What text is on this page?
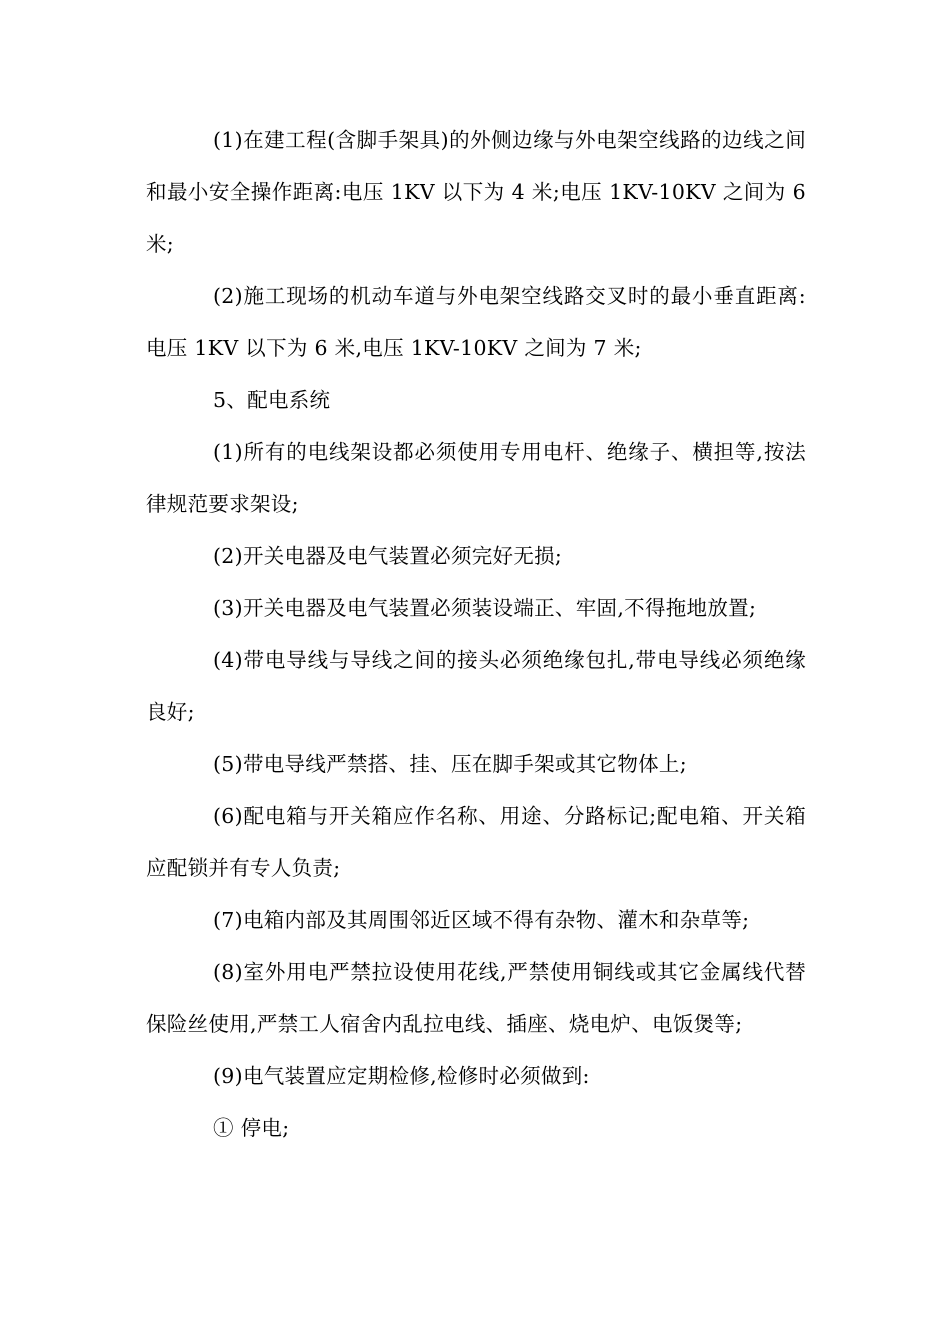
(1)在建工程(含脚手架具)的外侧边缘与外电架空线路的边线之间和最小安全操作距离:电压 1KV 以下为 4 米;电压 1KV-10KV 之间为 6 米;

(2)施工现场的机动车道与外电架空线路交叉时的最小垂直距离:电压 1KV 以下为 6 米,电压 1KV-10KV 之间为 7 米;

5、配电系统

(1)所有的电线架设都必须使用专用电杆、绝缘子、横担等,按法律规范要求架设;

(2)开关电器及电气装置必须完好无损;

(3)开关电器及电气装置必须装设端正、牢固,不得拖地放置;

(4)带电导线与导线之间的接头必须绝缘包扎,带电导线必须绝缘良好;

(5)带电导线严禁搭、挂、压在脚手架或其它物体上;

(6)配电箱与开关箱应作名称、用途、分路标记;配电箱、开关箱应配锁并有专人负责;

(7)电箱内部及其周围邻近区域不得有杂物、灌木和杂草等;

(8)室外用电严禁拉设使用花线,严禁使用铜线或其它金属线代替保险丝使用,严禁工人宿舍内乱拉电线、插座、烧电炉、电饭煲等;

(9)电气装置应定期检修,检修时必须做到:

① 停电;
